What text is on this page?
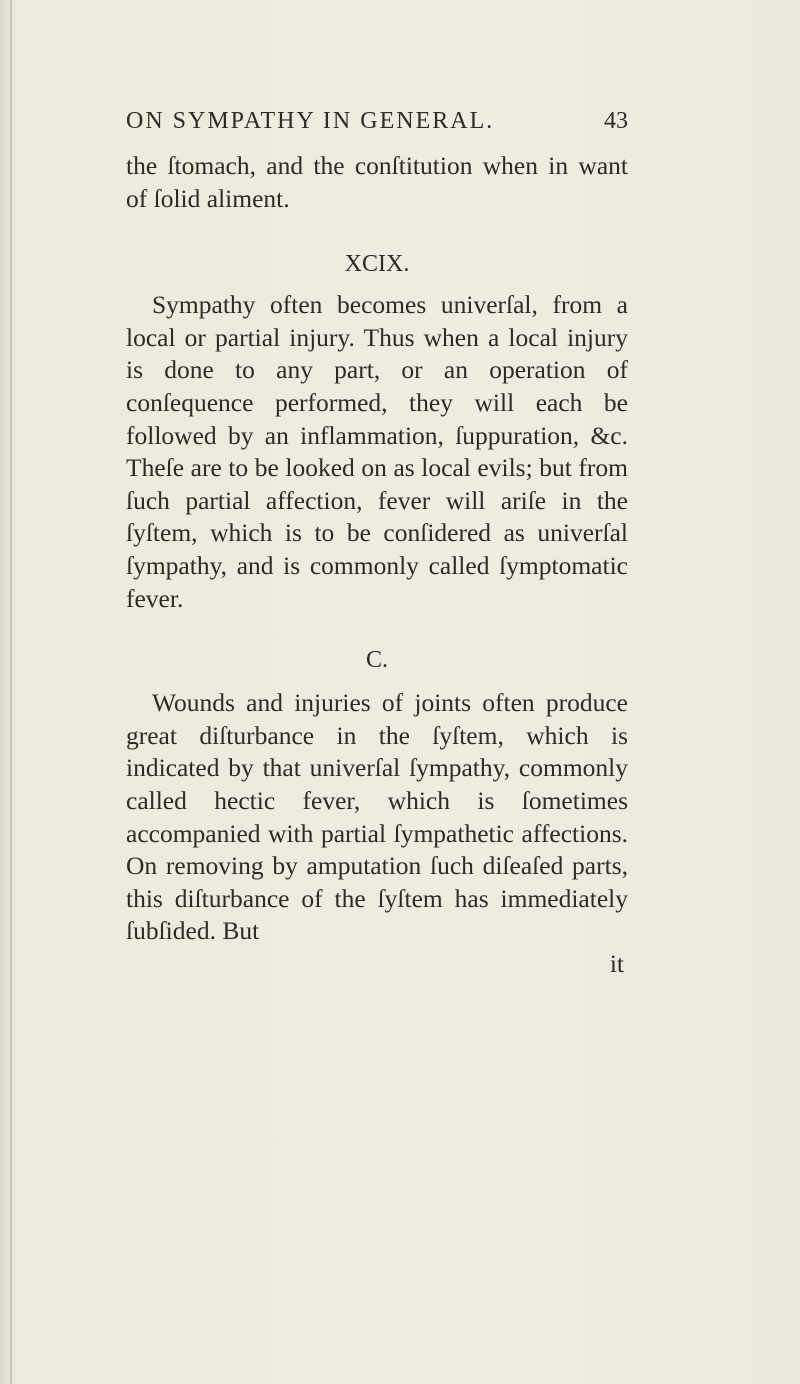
ON SYMPATHY IN GENERAL.	43

the ſtomach, and the conſtitution when in want of ſolid aliment.

XCIX.

Sympathy often becomes univerſal, from a local or partial injury. Thus when a local injury is done to any part, or an operation of conſequence performed, they will each be followed by an inflammation, ſuppuration, &c. Theſe are to be looked on as local evils; but from ſuch partial affection, fever will ariſe in the ſyſtem, which is to be conſidered as univerſal ſympathy, and is commonly called ſymptomatic fever.

C.

Wounds and injuries of joints often produce great diſturbance in the ſyſtem, which is indicated by that univerſal ſympathy, commonly called hectic fever, which is ſometimes accompanied with partial ſympathetic affections. On removing by amputation ſuch diſeaſed parts, this diſturbance of the ſyſtem has immediately ſubſided. But

it
